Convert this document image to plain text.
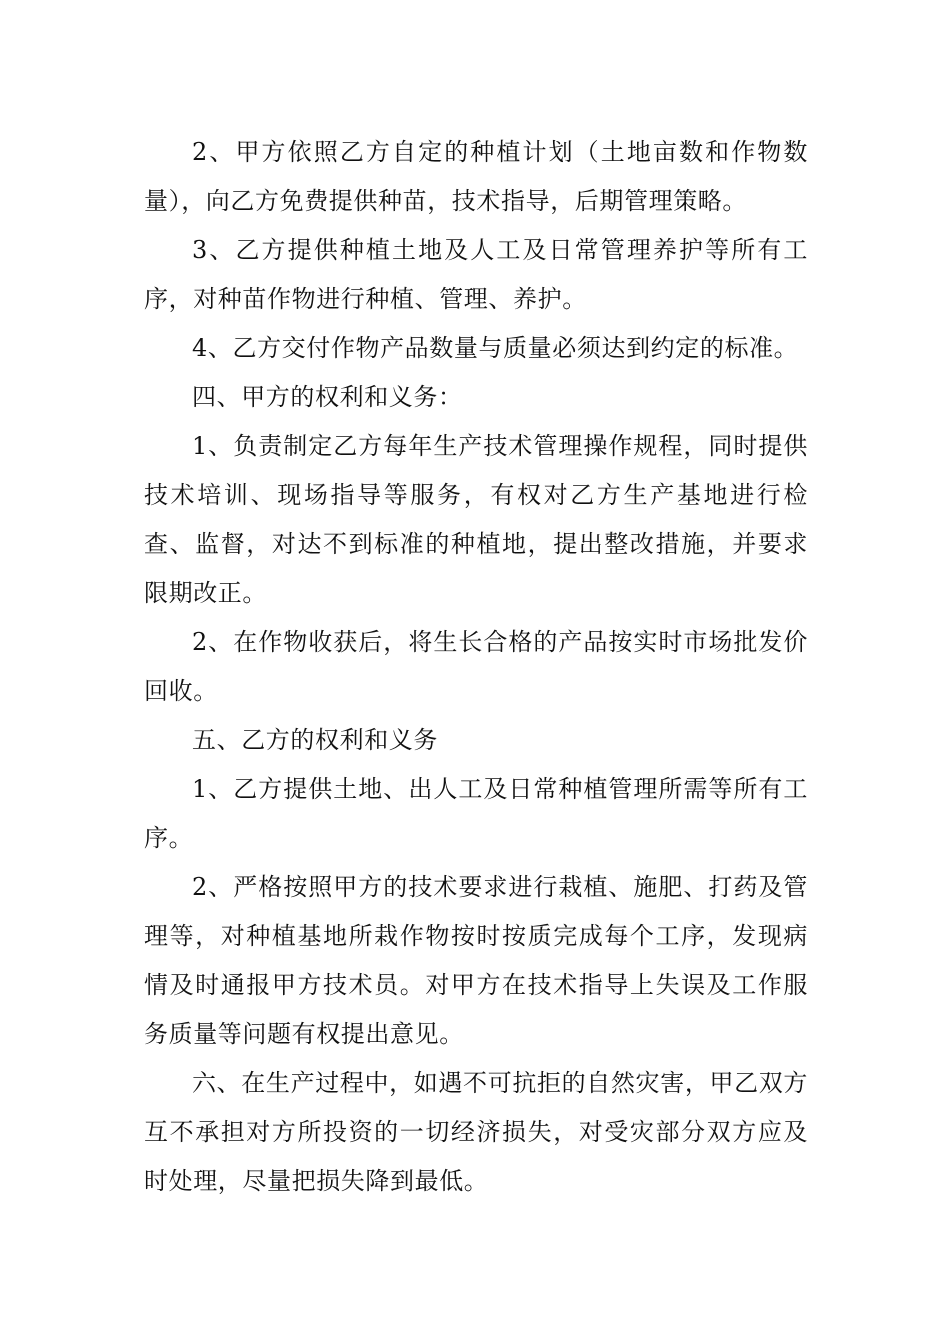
2、甲方依照乙方自定的种植计划（土地亩数和作物数量），向乙方免费提供种苗，技术指导，后期管理策略。

3、乙方提供种植土地及人工及日常管理养护等所有工序，对种苗作物进行种植、管理、养护。

4、乙方交付作物产品数量与质量必须达到约定的标准。

四、甲方的权利和义务：

1、负责制定乙方每年生产技术管理操作规程，同时提供技术培训、现场指导等服务，有权对乙方生产基地进行检查、监督，对达不到标准的种植地，提出整改措施，并要求限期改正。

2、在作物收获后，将生长合格的产品按实时市场批发价回收。

五、乙方的权利和义务

1、乙方提供土地、出人工及日常种植管理所需等所有工序。

2、严格按照甲方的技术要求进行栽植、施肥、打药及管理等，对种植基地所栽作物按时按质完成每个工序，发现病情及时通报甲方技术员。对甲方在技术指导上失误及工作服务质量等问题有权提出意见。

六、在生产过程中，如遇不可抗拒的自然灾害，甲乙双方互不承担对方所投资的一切经济损失，对受灾部分双方应及时处理，尽量把损失降到最低。
